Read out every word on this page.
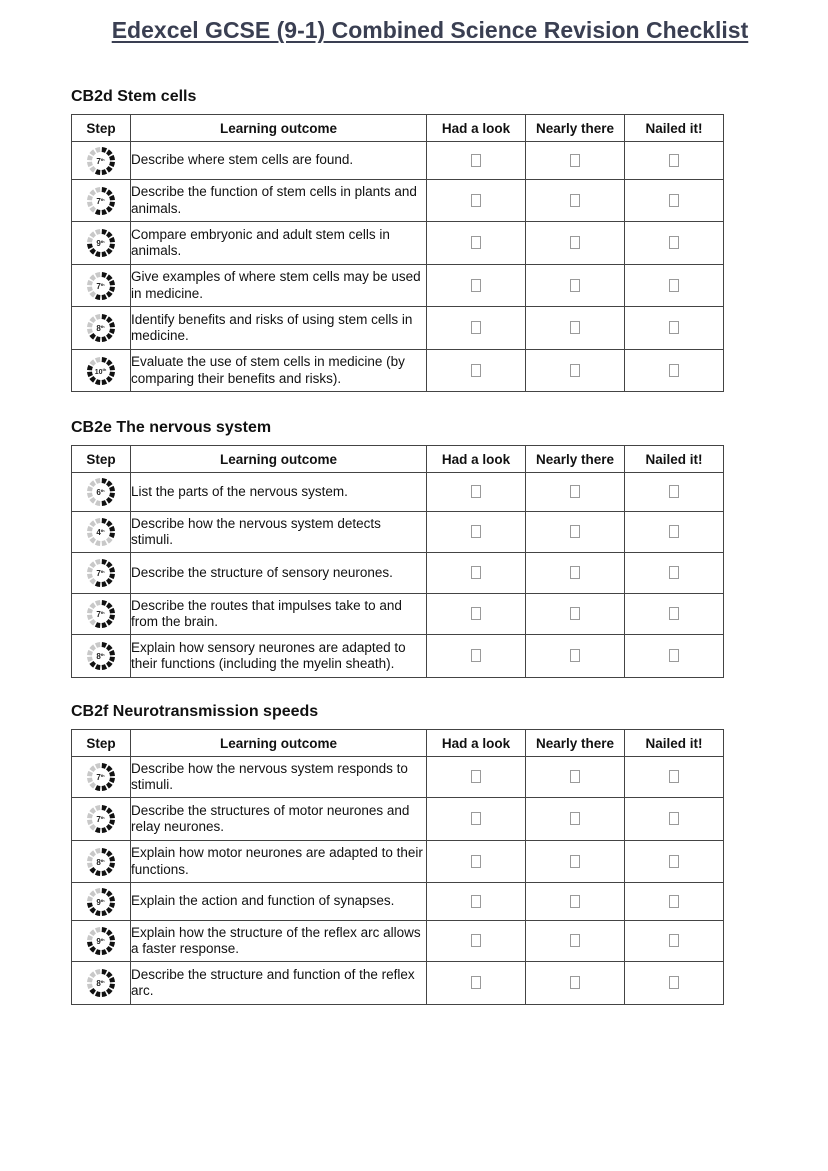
Edexcel GCSE (9-1) Combined Science Revision Checklist
CB2d Stem cells
Step	Learning outcome	Had a look	Nearly there	Nailed it!

7th	Describe where stem cells are found.			

7th	Describe the function of stem cells in plants and animals.			

9th	Compare embryonic and adult stem cells in animals.			

7th	Give examples of where stem cells may be used in medicine.			

8th	Identify benefits and risks of using stem cells in medicine.			

10th	Evaluate the use of stem cells in medicine (by comparing their benefits and risks).			
CB2e The nervous system
Step	Learning outcome	Had a look	Nearly there	Nailed it!

6th	List the parts of the nervous system.			

4th	Describe how the nervous system detects stimuli.			

7th	Describe the structure of sensory neurones.			

7th	Describe the routes that impulses take to and from the brain.			

8th	Explain how sensory neurones are adapted to their functions (including the myelin sheath).			
CB2f Neurotransmission speeds
Step	Learning outcome	Had a look	Nearly there	Nailed it!

7th	Describe how the nervous system responds to stimuli.			

7th	Describe the structures of motor neurones and relay neurones.			

8th	Explain how motor neurones are adapted to their functions.			

9th	Explain the action and function of synapses.			

9th	Explain how the structure of the reflex arc allows a faster response.			

8th	Describe the structure and function of the reflex arc.			
